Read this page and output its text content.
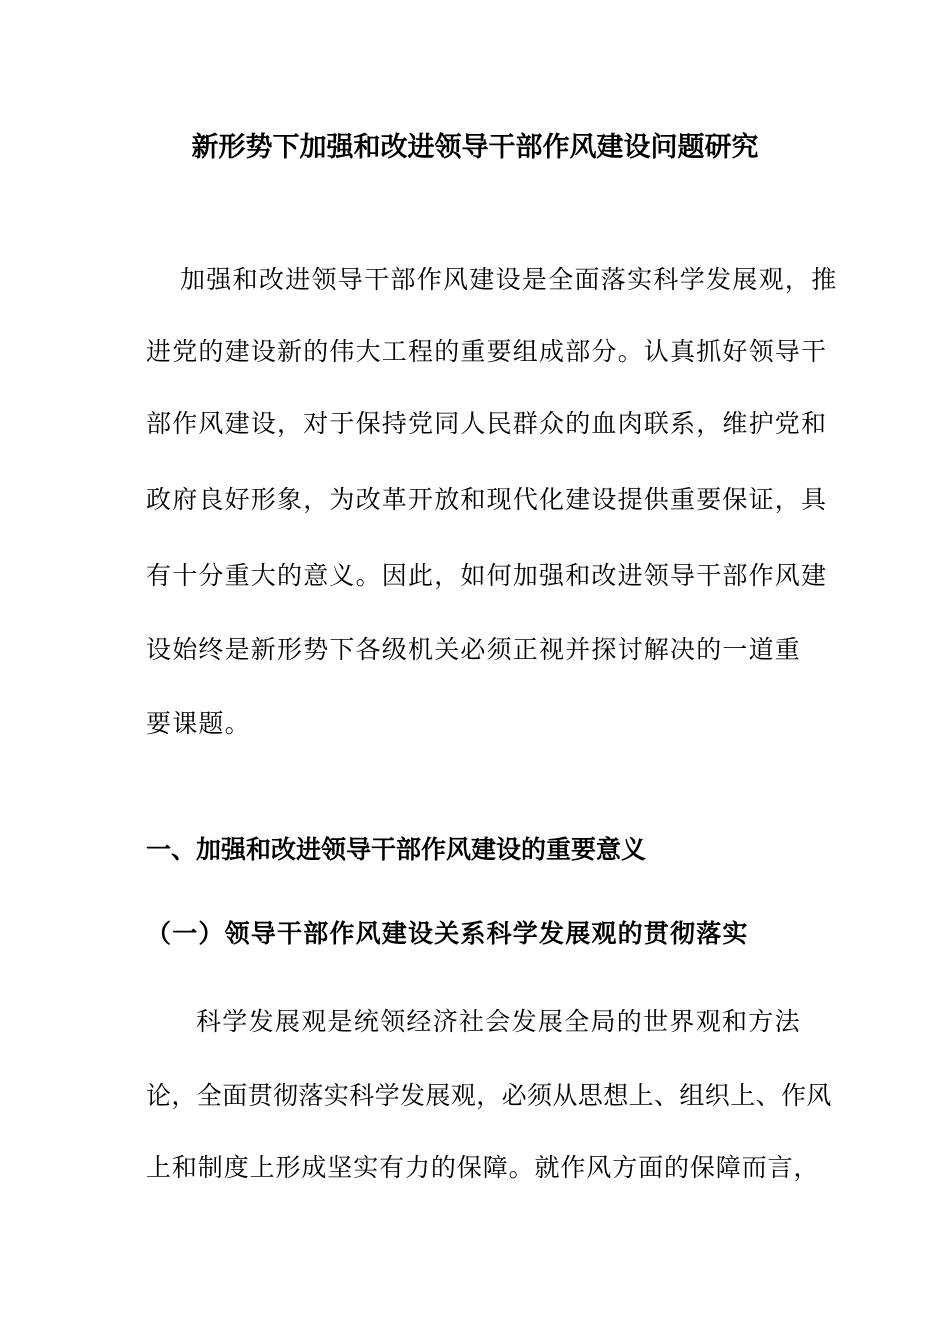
新形势下加强和改进领导干部作风建设问题研究
加强和改进领导干部作风建设是全面落实科学发展观，推
进党的建设新的伟大工程的重要组成部分。认真抓好领导干
部作风建设，对于保持党同人民群众的血肉联系，维护党和
政府良好形象，为改革开放和现代化建设提供重要保证，具
有十分重大的意义。因此，如何加强和改进领导干部作风建
设始终是新形势下各级机关必须正视并探讨解决的一道重
要课题。
一、加强和改进领导干部作风建设的重要意义
（一）领导干部作风建设关系科学发展观的贯彻落实
科学发展观是统领经济社会发展全局的世界观和方法
论，全面贯彻落实科学发展观，必须从思想上、组织上、作风
上和制度上形成坚实有力的保障。就作风方面的保障而言，
